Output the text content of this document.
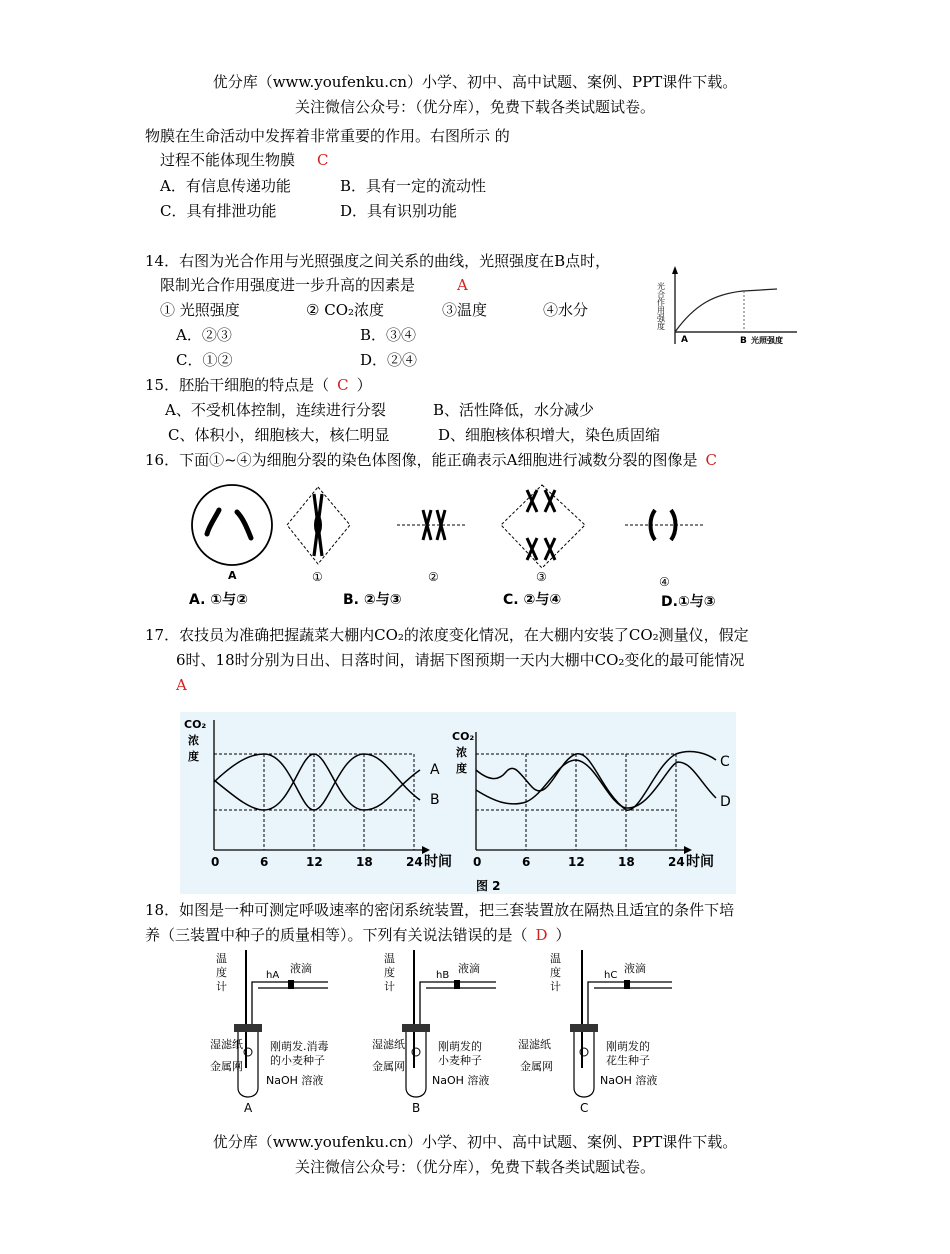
优分库（www.youfenku.cn）小学、初中、高中试题、案例、PPT课件下载。
关注微信公众号：（优分库），免费下载各类试题试卷。
物膜在生命活动中发挥着非常重要的作用。右图所示 的
过程不能体现生物膜 C
A．有信息传递功能	B．具有一定的流动性
C．具有排泄功能	D．具有识别功能
14．右图为光合作用与光照强度之间关系的曲线，光照强度在B点时，
限制光合作用强度进一步升高的因素是	A
① 光照强度	② CO₂浓度	③温度	④水分
A．②③	B．③④
C．①②	D．②④
光合作用强度
A	B 光照强度
15．胚胎干细胞的特点是（ C ）
A、不受机体控制，连续进行分裂	B、活性降低，水分减少
C、体积小，细胞核大，核仁明显	D、细胞核体积增大，染色质固缩
16．下面①~④为细胞分裂的染色体图像，能正确表示A细胞进行减数分裂的图像是 C
A	①	②	③	④
A. ①与②	B. ②与③	C. ②与④	D.①与③
17．农技员为准确把握蔬菜大棚内CO₂的浓度变化情况，在大棚内安装了CO₂测量仪，假定
6时、18时分别为日出、日落时间，请据下图预期一天内大棚中CO₂变化的最可能情况
A
CO₂
浓
度
A
B
0	6	12	18	24 时间
CO₂
浓
度	C
D
0	6	12	18	24 时间
图 2
18．如图是一种可测定呼吸速率的密闭系统装置，把三套装置放在隔热且适宜的条件下培
养（三装置中种子的质量相等）。下列有关说法错误的是（ D ）
温
度
计
hA
液滴
湿滤纸
金属网
刚萌发.消毒
的小麦种子
NaOH 溶液
A
温
度
计
hB
液滴
湿滤纸
金属网
刚萌发的
小麦种子
NaOH 溶液
B
温
度
计
hC
液滴
湿滤纸
金属网
刚萌发的
花生种子
NaOH 溶液
C
优分库（www.youfenku.cn）小学、初中、高中试题、案例、PPT课件下载。
关注微信公众号：（优分库），免费下载各类试题试卷。
